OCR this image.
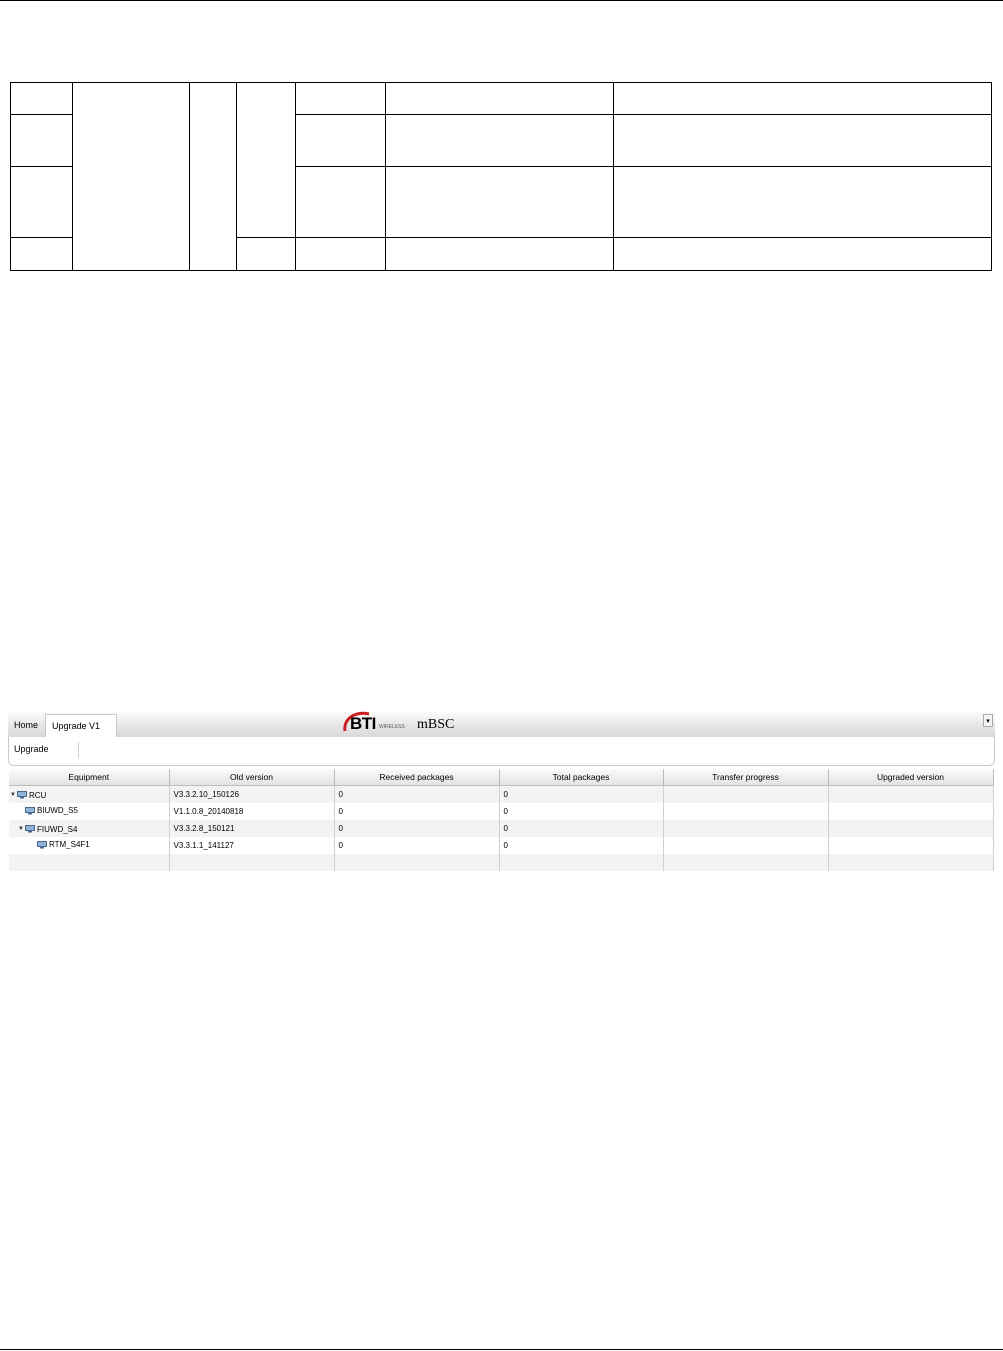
Home	Upgrade V1	BTI WIRELESS mBSC	▾
Upgrade
Equipment	Old version	Received packages	Total packages	Transfer progress	Upgraded version

▼ RCU	V3.3.2.10_150126	0	0		

BIUWD_S5	V1.1.0.8_20140818	0	0		

▼ FIUWD_S4	V3.3.2.8_150121	0	0		

RTM_S4F1	V3.3.1.1_141127	0	0		
